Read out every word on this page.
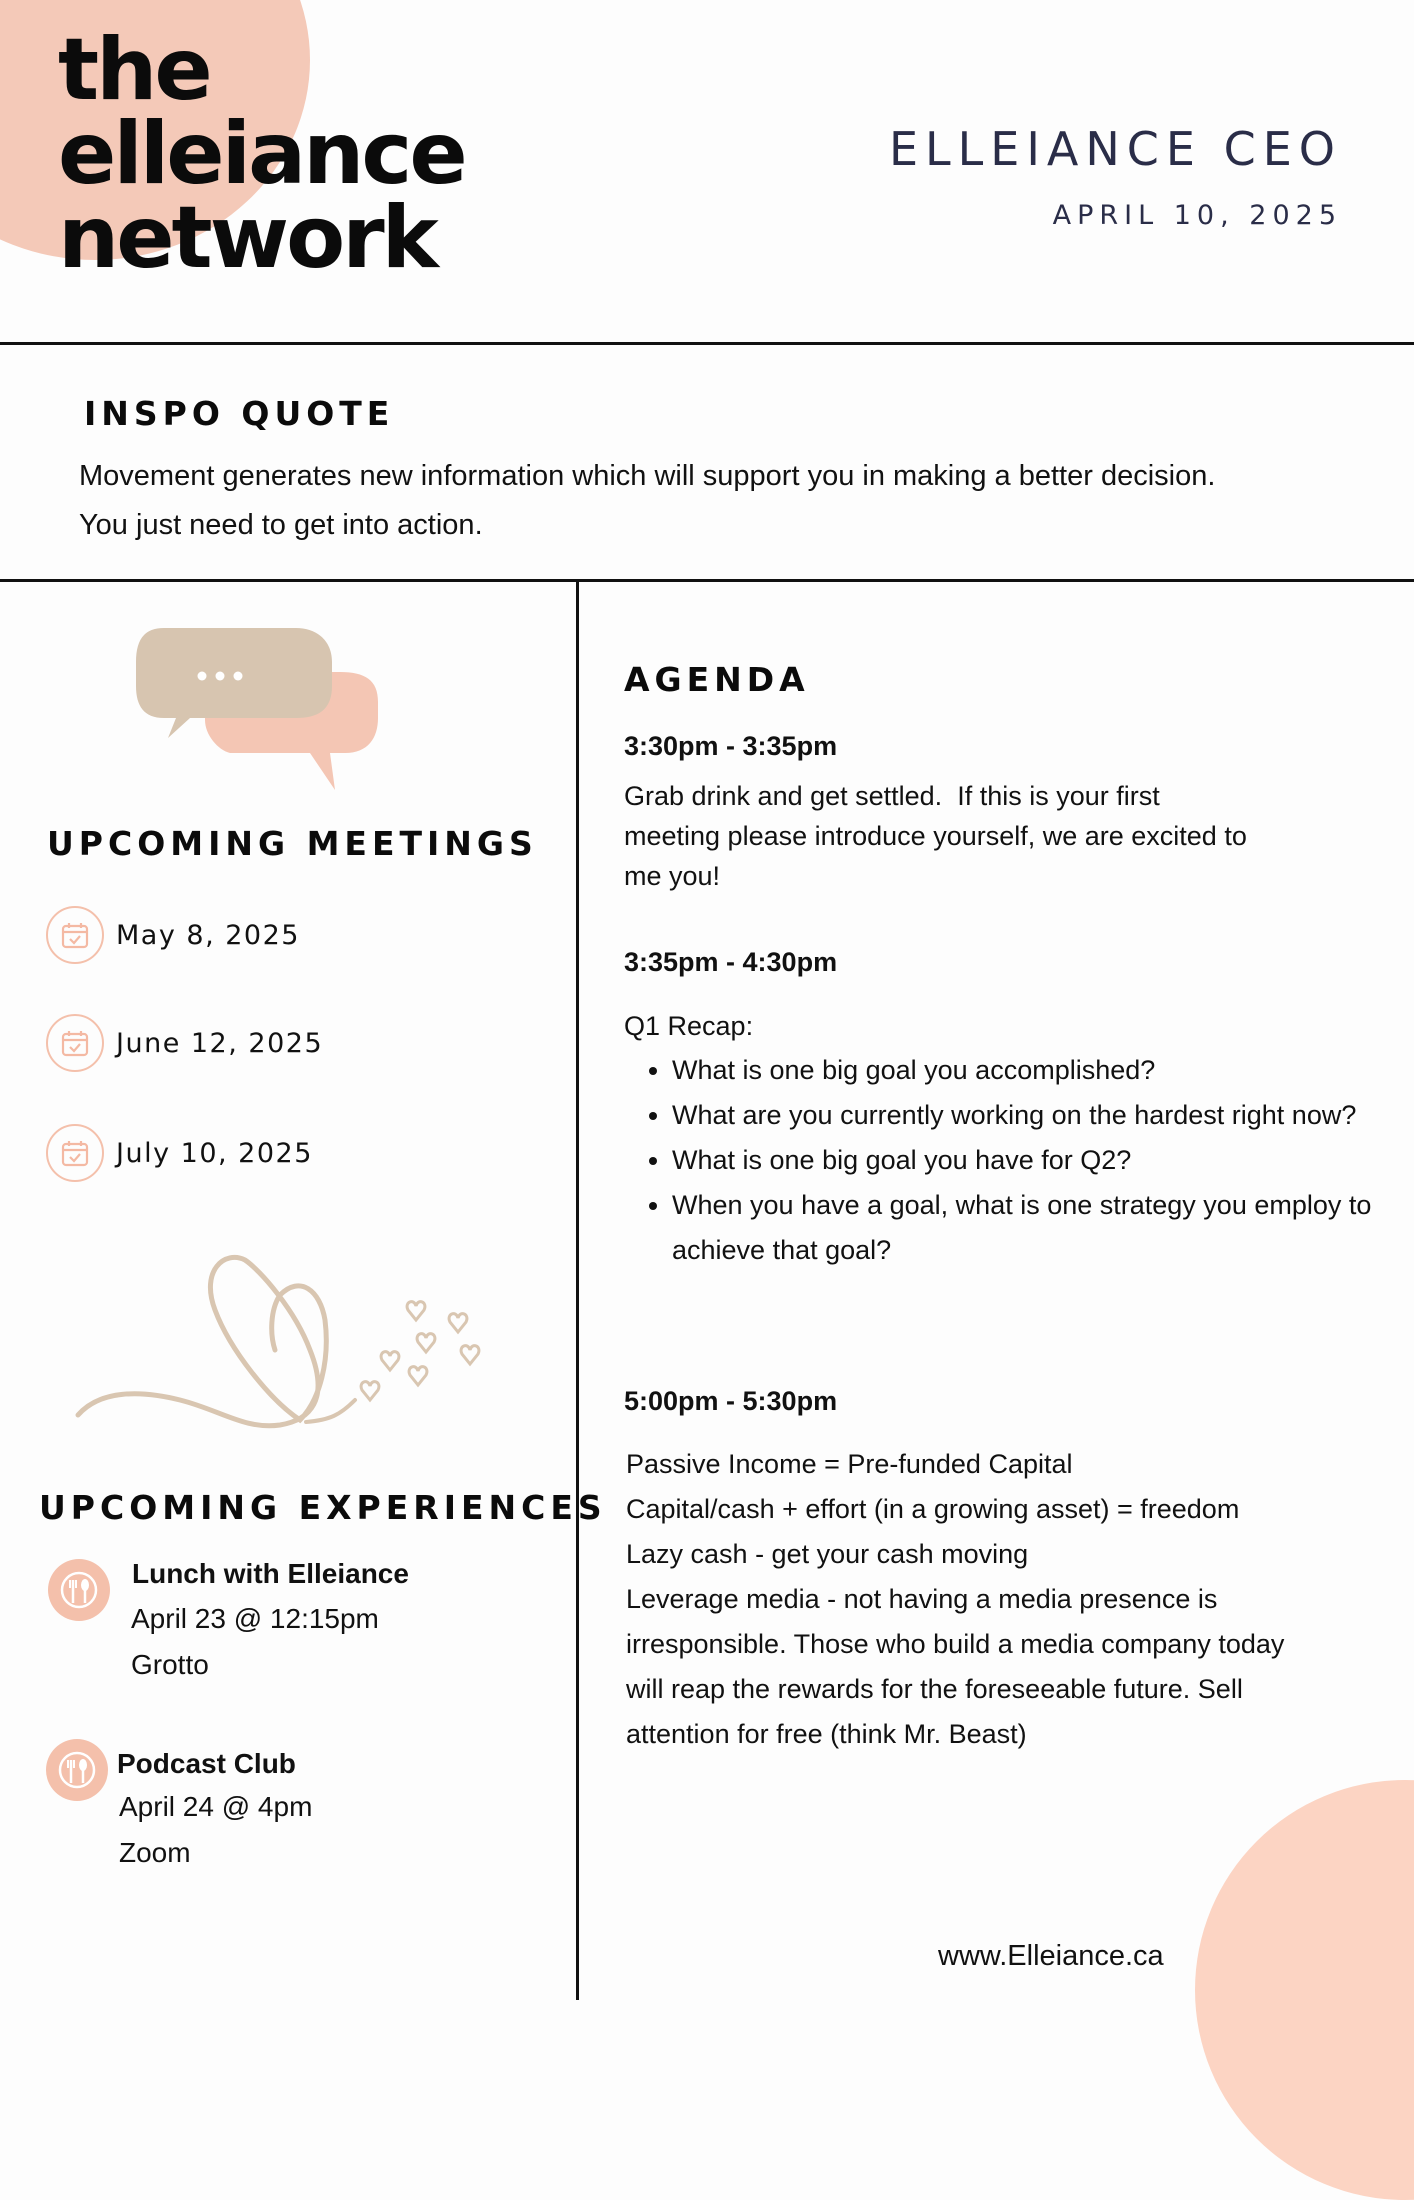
the
elleiance
network
ELLEIANCE CEO
APRIL 10, 2025
INSPO QUOTE
Movement generates new information which will support you in making a better decision. You just need to get into action.
UPCOMING MEETINGS
May 8, 2025
June 12, 2025
July 10, 2025
UPCOMING EXPERIENCES
Lunch with Elleiance
April 23 @ 12:15pm
Grotto
Podcast Club
April 24 @ 4pm
Zoom
AGENDA
3:30pm - 3:35pm
Grab drink and get settled.  If this is your first
meeting please introduce yourself, we are excited to
me you!
3:35pm - 4:30pm
Q1 Recap:
• What is one big goal you accomplished?
• What are you currently working on the hardest right now?
• What is one big goal you have for Q2?
• When you have a goal, what is one strategy you employ to achieve that goal?
5:00pm - 5:30pm
Passive Income = Pre-funded Capital
Capital/cash + effort (in a growing asset) = freedom
Lazy cash - get your cash moving
Leverage media - not having a media presence is
irresponsible. Those who build a media company today
will reap the rewards for the foreseeable future. Sell
attention for free (think Mr. Beast)
www.Elleiance.ca
